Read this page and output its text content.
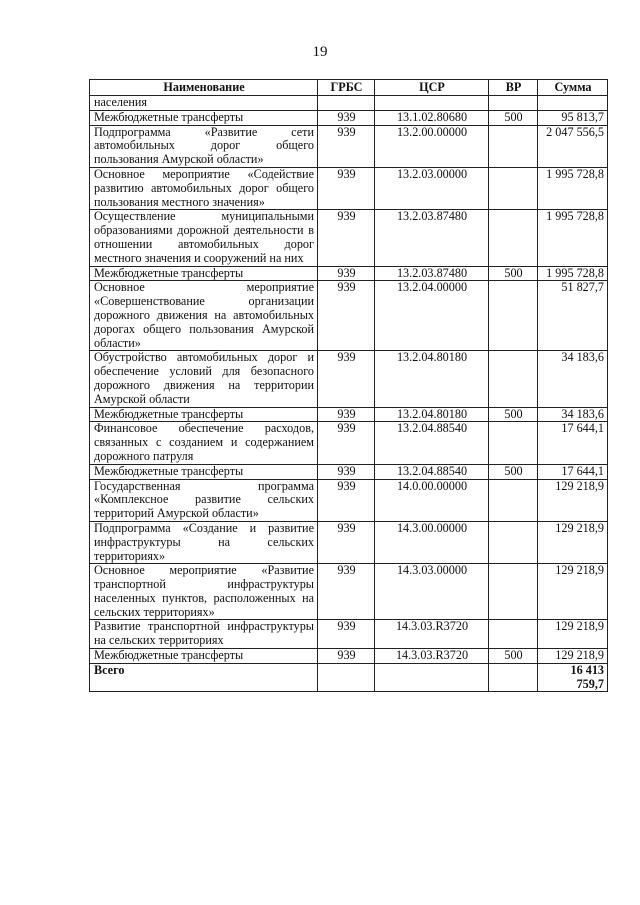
19
Наименование	ГРБС	ЦСР	ВР	Сумма
населения				
Межбюджетные трансферты	939	13.1.02.80680	500	95 813,7
Подпрограмма «Развитие сети автомобильных дорог общего пользования Амурской области»	939	13.2.00.00000		2 047 556,5
Основное мероприятие «Содействие развитию автомобильных дорог общего пользования местного значения»	939	13.2.03.00000		1 995 728,8
Осуществление муниципальными образованиями дорожной деятельности в отношении автомобильных дорог местного значения и сооружений на них	939	13.2.03.87480		1 995 728,8
Межбюджетные трансферты	939	13.2.03.87480	500	1 995 728,8
Основное мероприятие «Совершенствование организации дорожного движения на автомобильных дорогах общего пользования Амурской области»	939	13.2.04.00000		51 827,7
Обустройство автомобильных дорог и обеспечение условий для безопасного дорожного движения на территории Амурской области	939	13.2.04.80180		34 183,6
Межбюджетные трансферты	939	13.2.04.80180	500	34 183,6
Финансовое обеспечение расходов, связанных с созданием и содержанием дорожного патруля	939	13.2.04.88540		17 644,1
Межбюджетные трансферты	939	13.2.04.88540	500	17 644,1
Государственная программа «Комплексное развитие сельских территорий Амурской области»	939	14.0.00.00000		129 218,9
Подпрограмма «Создание и развитие инфраструктуры на сельских территориях»	939	14.3.00.00000		129 218,9
Основное мероприятие «Развитие транспортной инфраструктуры населенных пунктов, расположенных на сельских территориях»	939	14.3.03.00000		129 218,9
Развитие транспортной инфраструктуры на сельских территориях	939	14.3.03.R3720		129 218,9
Межбюджетные трансферты	939	14.3.03.R3720	500	129 218,9
Всего				16 413 759,7
